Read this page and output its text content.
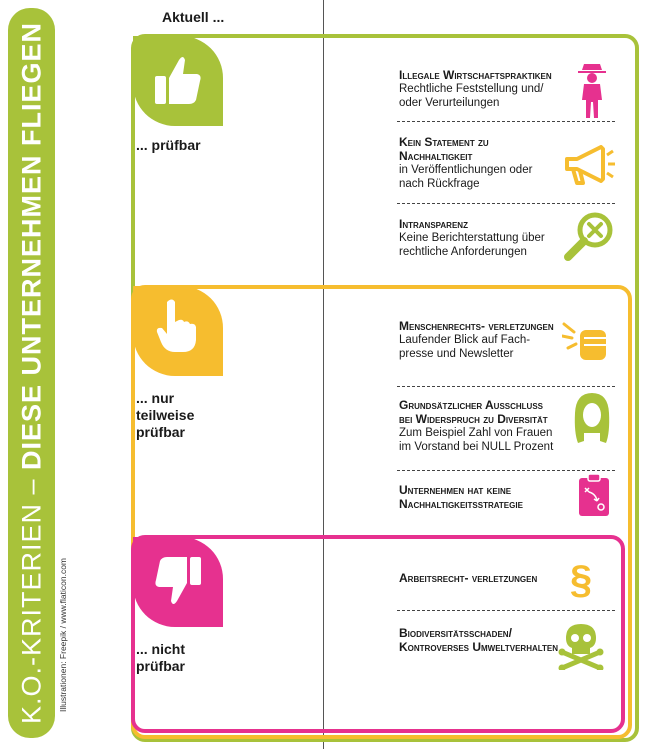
K.O.-KRITERIEN – DIESE UNTERNEHMEN FLIEGEN
Illustrationen: Freepik / www.flaticon.com
Aktuell ...
... prüfbar
... nur
teilweise
prüfbar
... nicht
prüfbar
Illegale Wirtschaftspraktiken
Rechtliche Feststellung und/ oder Verurteilungen
Kein Statement zu Nachhaltigkeit
in Veröffentlichungen oder nach Rückfrage
Intransparenz
Keine Berichterstattung über rechtliche Anforderungen
Menschenrechts- verletzungen
Laufender Blick auf Fach- presse und Newsletter
Grundsätzlicher Ausschluss bei Widerspruch zu Diversität
Zum Beispiel Zahl von Frauen im Vorstand bei NULL Prozent
Unternehmen hat keine Nachhaltigkeitsstrategie
Arbeitsrecht- verletzungen §
Biodiversitätsschaden/ Kontroverses Umweltverhalten
